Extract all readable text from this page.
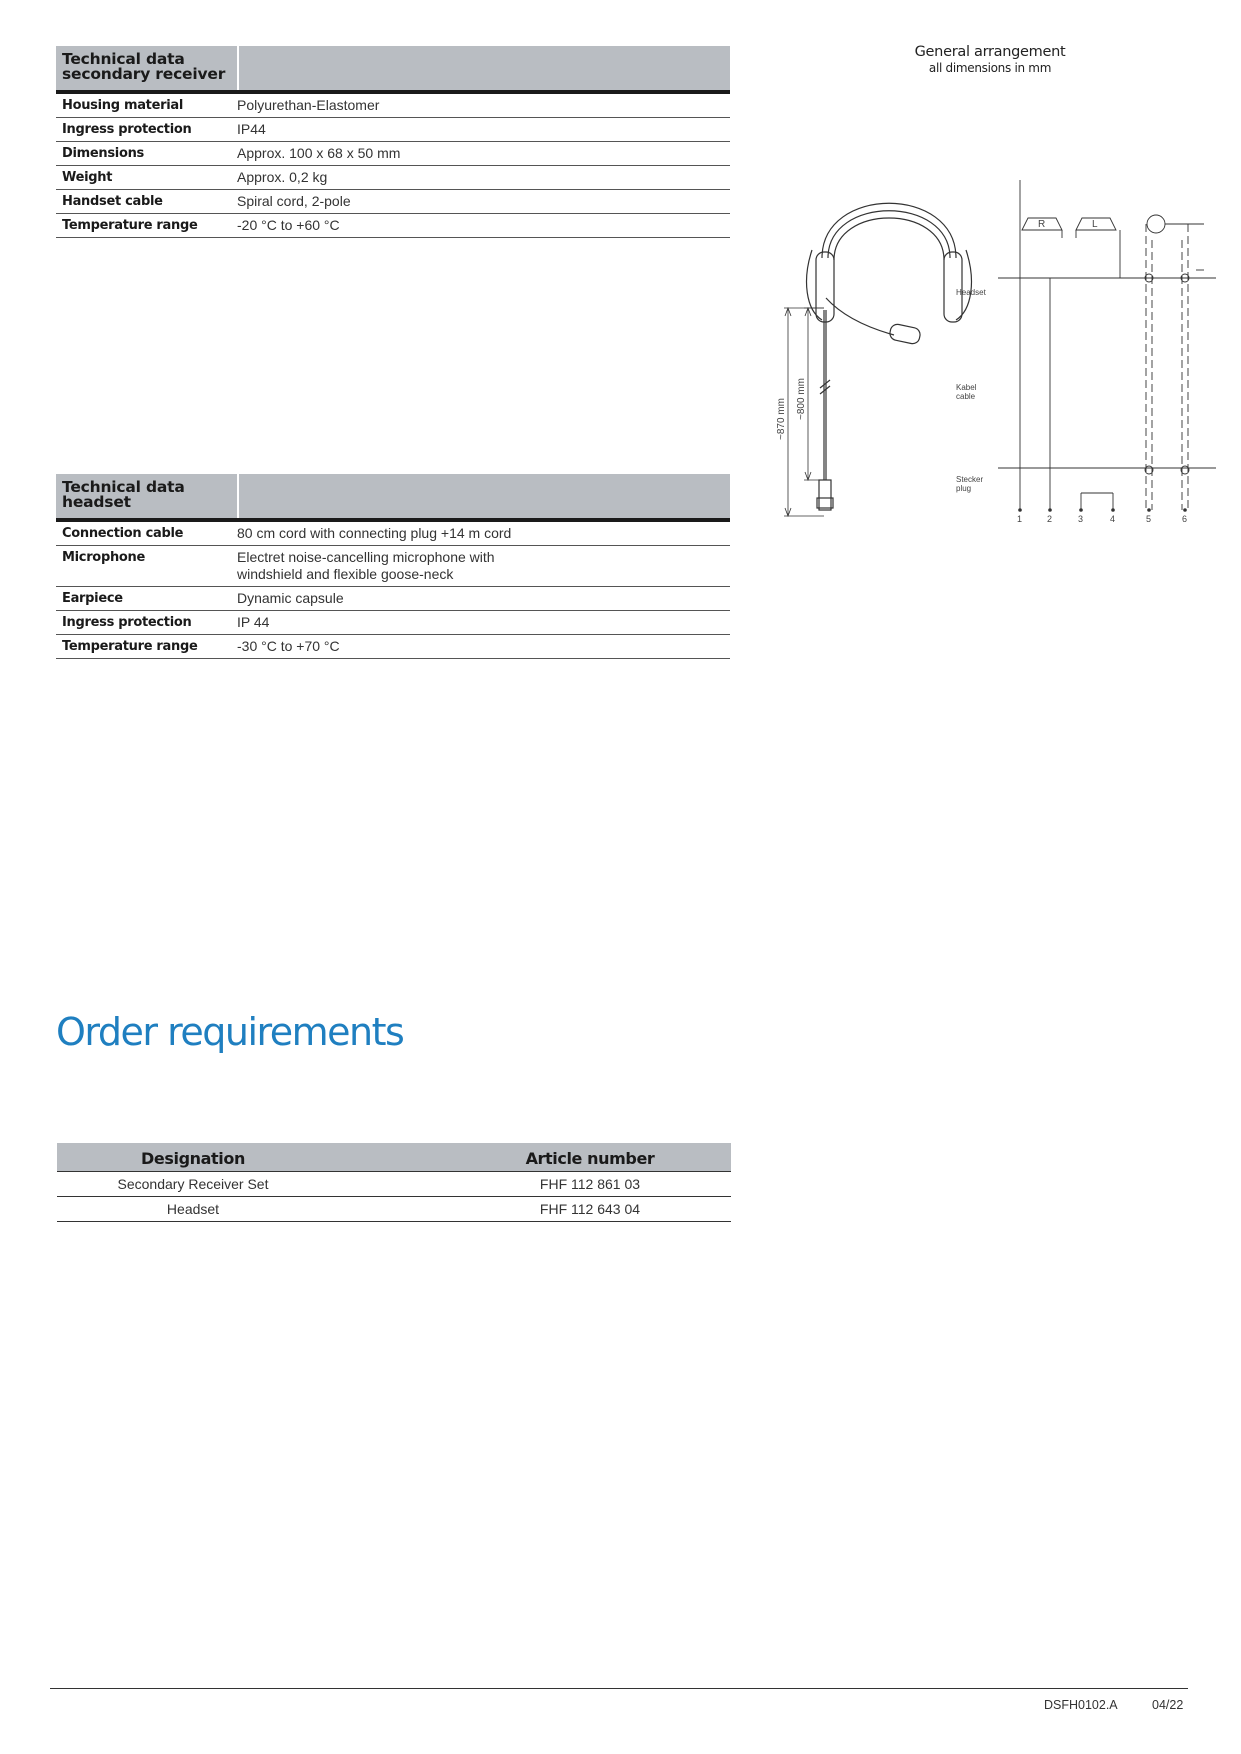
Technical data
secondary receiver
Housing material	Polyurethan-Elastomer
Ingress protection	IP44
Dimensions	Approx. 100 x 68 x 50 mm
Weight	Approx. 0,2 kg
Handset cable	Spiral cord, 2-pole
Temperature range	-20 °C to +60 °C
Technical data
headset
Connection cable	80 cm cord with connecting plug +14 m cord
Microphone	Electret noise-cancelling microphone with
windshield and flexible goose-neck
Earpiece	Dynamic capsule
Ingress protection	IP 44
Temperature range	-30 °C to +70 °C
General arrangement
all dimensions in mm
~870 mm ~800 mm
R	L
Headset
Kabel
cable
Stecker
plug
1	2	3	4	5	6
Order requirements
Designation	Article number
Secondary Receiver Set	FHF 112 861 03
Headset	FHF 112 643 04
DSFH0102.A	04/22
